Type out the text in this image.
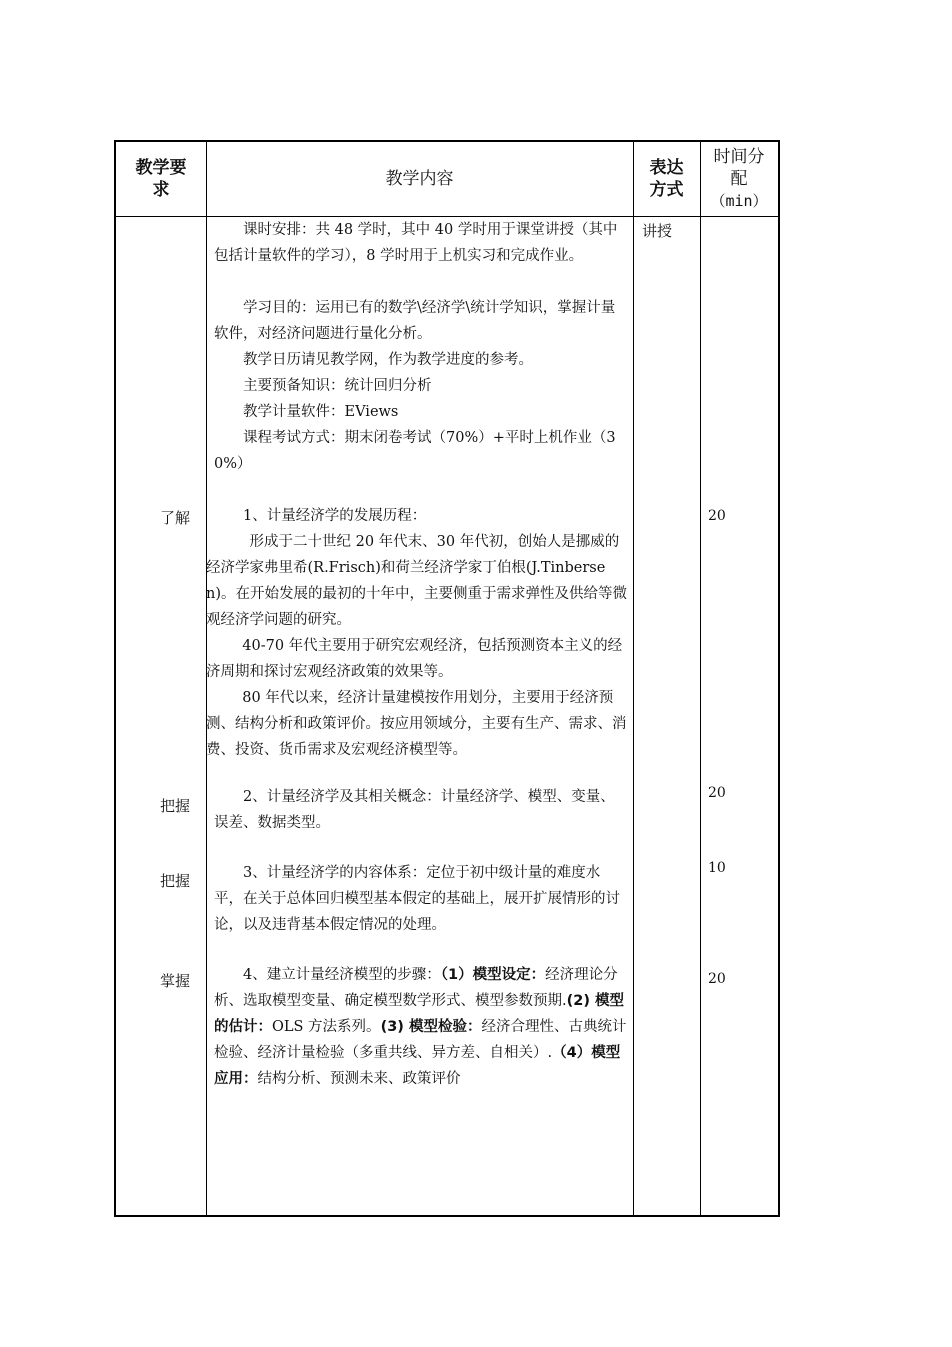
教学要
求
教学内容
表达
方式
时间分
配
（min）
讲授
课时安排：共 48 学时，其中 40 学时用于课堂讲授（其中包括计量软件的学习），8 学时用于上机实习和完成作业。
学习目的：运用已有的数学\经济学\统计学知识，掌握计量软件，对经济问题进行量化分析。
教学日历请见教学网，作为教学进度的参考。
主要预备知识：统计回归分析
教学计量软件：EViews
课程考试方式：期末闭卷考试（70%）+平时上机作业（30%）
了解	20
1、计量经济学的发展历程：
形成于二十世纪 20 年代末、30 年代初，创始人是挪威的经济学家弗里希(R.Frisch)和荷兰经济学家丁伯根(J.Tinbersen)。在开始发展的最初的十年中，主要侧重于需求弹性及供给等微观经济学问题的研究。
40-70 年代主要用于研究宏观经济，包括预测资本主义的经济周期和探讨宏观经济政策的效果等。
80 年代以来，经济计量建模按作用划分，主要用于经济预测、结构分析和政策评价。按应用领域分，主要有生产、需求、消费、投资、货币需求及宏观经济模型等。
把握
20
2、计量经济学及其相关概念：计量经济学、模型、变量、误差、数据类型。
把握
10
3、计量经济学的内容体系：定位于初中级计量的难度水平，在关于总体回归模型基本假定的基础上，展开扩展情形的讨论，以及违背基本假定情况的处理。
掌握	20
4、建立计量经济模型的步骤：（1）模型设定：经济理论分析、选取模型变量、确定模型数学形式、模型参数预期.(2) 模型的估计：OLS 方法系列。(3) 模型检验：经济合理性、古典统计检验、经济计量检验（多重共线、异方差、自相关）.（4）模型应用：结构分析、预测未来、政策评价
